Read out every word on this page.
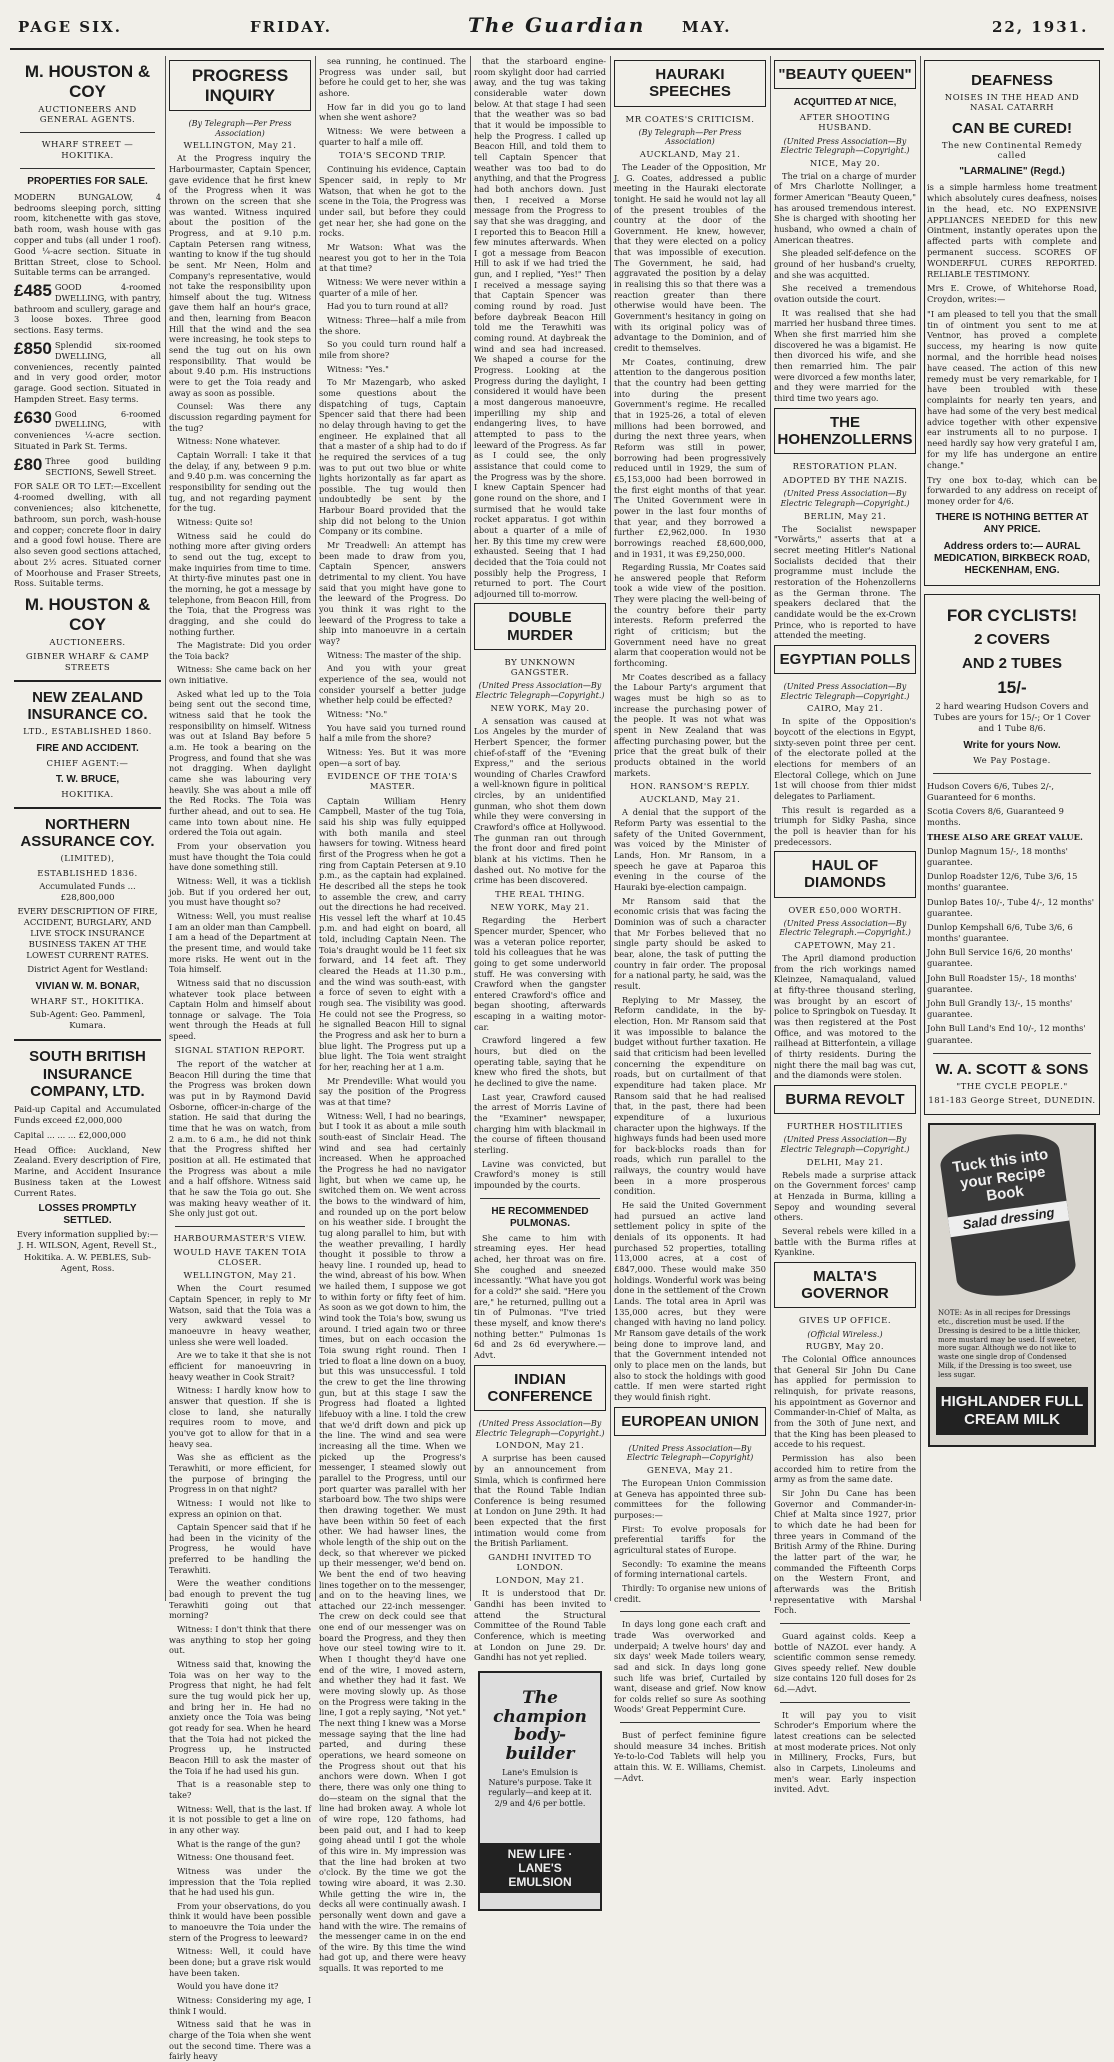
PAGE SIX.	FRIDAY.	The Guardian MAY.	22, 1931.
M. HOUSTON & COY
AUCTIONEERS AND GENERAL AGENTS.
WHARF STREET — HOKITIKA.
PROPERTIES FOR SALE.

MODERN BUNGALOW, 4 bedrooms sleeping porch, sitting room, kitchenette with gas stove, bath room, wash house with gas copper and tubs (all under 1 roof). Good ¼-acre section. Situate in Brittan Street, close to School. Suitable terms can be arranged.

£485 GOOD 4-roomed DWELLING, with pantry, bathroom and scullery, garage and 3 loose boxes. Three good sections. Easy terms.

£850 Splendid six-roomed DWELLING, all conveniences, recently painted and in very good order, motor garage. Good section. Situated in Hampden Street. Easy terms.

£630 Good 6-roomed DWELLING, with conveniences ¼-acre section. Situated in Park St. Terms.

£80 Three good building SECTIONS, Sewell Street.

FOR SALE OR TO LET:—Excellent 4-roomed dwelling, with all conveniences; also kitchenette, bathroom, sun porch, wash-house and copper; concrete floor in dairy and a good fowl house. There are also seven good sections attached, about 2½ acres. Situated corner of Moorhouse and Fraser Streets, Ross. Suitable terms.

M. HOUSTON & COY
AUCTIONEERS.
GIBNER WHARF & CAMP STREETS
NEW ZEALAND INSURANCE CO.
LTD., ESTABLISHED 1860.
FIRE AND ACCIDENT.
CHIEF AGENT:—
T. W. BRUCE,
HOKITIKA.
NORTHERN ASSURANCE COY.
(LIMITED),
ESTABLISHED 1836.

Accumulated Funds ... £28,800,000

EVERY DESCRIPTION OF FIRE, ACCIDENT, BURGLARY, AND LIVE STOCK INSURANCE BUSINESS TAKEN AT THE LOWEST CURRENT RATES.

District Agent for Westland:

VIVIAN W. M. BONAR,
WHARF ST., HOKITIKA.

Sub-Agent: Geo. Pammenl, Kumara.

SOUTH BRITISH INSURANCE COMPANY, LTD.

Paid-up Capital and Accumulated Funds exceed £2,000,000

Capital ... ... ... £2,000,000

Head Office: Auckland, New Zealand. Every description of Fire, Marine, and Accident Insurance Business taken at the Lowest Current Rates.

LOSSES PROMPTLY SETTLED.

Every information supplied by:— J. H. WILSON, Agent, Revell St., Hokitika. A. W. PEBLES, Sub-Agent, Ross.

PROGRESS INQUIRY
(By Telegraph—Per Press Association)
WELLINGTON, May 21.

At the Progress inquiry the Harbourmaster, Captain Spencer, gave evidence that he first knew of the Progress when it was thrown on the screen that she was wanted. Witness inquired about the position of the Progress, and at 9.10 p.m. Captain Petersen rang witness, wanting to know if the tug should be sent. Mr Neen, Holm and Company's representative, would not take the responsibility upon himself about the tug. Witness gave them half an hour's grace, and then, learning from Beacon Hill that the wind and the sea were increasing, he took steps to send the tug out on his own responsibility. That would be about 9.40 p.m. His instructions were to get the Toia ready and away as soon as possible.

Counsel: Was there any discussion regarding payment for the tug?

Witness: None whatever.

Captain Worrall: I take it that the delay, if any, between 9 p.m. and 9.40 p.m. was concerning the responsibility for sending out the tug, and not regarding payment for the tug.

Witness: Quite so!

Witness said he could do nothing more after giving orders to send out the tug, except to make inquiries from time to time. At thirty-five minutes past one in the morning, he got a message by telephone, from Beacon Hill, from the Toia, that the Progress was dragging, and she could do nothing further.

The Magistrate: Did you order the Toia back?

Witness: She came back on her own initiative.

Asked what led up to the Toia being sent out the second time, witness said that he took the responsibility on himself. Witness was out at Island Bay before 5 a.m. He took a bearing on the Progress, and found that she was not dragging. When daylight came she was labouring very heavily. She was about a mile off the Red Rocks. The Toia was further ahead, and out to sea. He came into town about nine. He ordered the Toia out again.

From your observation you must have thought the Toia could have done something still.

Witness: Well, it was a ticklish job. But if you ordered her out, you must have thought so?

Witness: Well, you must realise I am an older man than Campbell. I am a head of the Department at the present time, and would take more risks. He went out in the Toia himself.

Witness said that no discussion whatever took place between Captain Holm and himself about tonnage or salvage. The Toia went through the Heads at full speed.

SIGNAL STATION REPORT.

The report of the watcher at Beacon Hill during the time that the Progress was broken down was put in by Raymond David Osborne, officer-in-charge of the station. He said that during the time that he was on watch, from 2 a.m. to 6 a.m., he did not think that the Progress shifted her position at all. He estimated that the Progress was about a mile and a half offshore. Witness said that he saw the Toia go out. She was making heavy weather of it. She only just got out.

HARBOURMASTER'S VIEW.
WOULD HAVE TAKEN TOIA CLOSER.
WELLINGTON, May 21.

When the Court resumed Captain Spencer, in reply to Mr Watson, said that the Toia was a very awkward vessel to manoeuvre in heavy weather, unless she were well loaded.

Are we to take it that she is not efficient for manoeuvring in heavy weather in Cook Strait?

Witness: I hardly know how to answer that question. If she is close to land, she naturally requires room to move, and you've got to allow for that in a heavy sea.

Was she as efficient as the Terawhiti, or more efficient, for the purpose of bringing the Progress in on that night?

Witness: I would not like to express an opinion on that.

Captain Spencer said that if he had been in the vicinity of the Progress, he would have preferred to be handling the Terawhiti.

Were the weather conditions bad enough to prevent the tug Terawhiti going out that morning?

Witness: I don't think that there was anything to stop her going out.

Witness said that, knowing the Toia was on her way to the Progress that night, he had felt sure the tug would pick her up, and bring her in. He had no anxiety once the Toia was being got ready for sea. When he heard that the Toia had not picked the Progress up, he instructed Beacon Hill to ask the master of the Toia if he had used his gun.

That is a reasonable step to take?

Witness: Well, that is the last. If it is not possible to get a line on in any other way.

What is the range of the gun?

Witness: One thousand feet.

Witness was under the impression that the Toia replied that he had used his gun.

From your observations, do you think it would have been possible to manoeuvre the Toia under the stern of the Progress to leeward?

Witness: Well, it could have been done; but a grave risk would have been taken.

Would you have done it?

Witness: Considering my age, I think I would.

Witness said that he was in charge of the Toia when she went out the second time. There was a fairly heavy

sea running, he continued. The Progress was under sail, but before he could get to her, she was ashore.

How far in did you go to land when she went ashore?

Witness: We were between a quarter to half a mile off.

TOIA'S SECOND TRIP.

Continuing his evidence, Captain Spencer said, in reply to Mr Watson, that when he got to the scene in the Toia, the Progress was under sail, but before they could get near her, she had gone on the rocks.

Mr Watson: What was the nearest you got to her in the Toia at that time?

Witness: We were never within a quarter of a mile of her.

Had you to turn round at all?

Witness: Three—half a mile from the shore.

So you could turn round half a mile from shore?

Witness: "Yes."

To Mr Mazengarb, who asked some questions about the dispatching of tugs, Captain Spencer said that there had been no delay through having to get the engineer. He explained that all that a master of a ship had to do if he required the services of a tug was to put out two blue or white lights horizontally as far apart as possible. The tug would then undoubtedly be sent by the Harbour Board provided that the ship did not belong to the Union Company or its combine.

Mr Treadwell: An attempt has been made to draw from you, Captain Spencer, answers detrimental to my client. You have said that you might have gone to the leeward of the Progress. Do you think it was right to the leeward of the Progress to take a ship into manoeuvre in a certain way?

Witness: The master of the ship.

And you with your great experience of the sea, would not consider yourself a better judge whether help could be effected?

Witness: "No."

You have said you turned round half a mile from the shore?

Witness: Yes. But it was more open—a sort of bay.

EVIDENCE OF THE TOIA'S MASTER.

Captain William Henry Campbell, Master of the tug Toia, said his ship was fully equipped with both manila and steel hawsers for towing. Witness heard first of the Progress when he got a ring from Captain Petersen at 9.10 p.m., as the captain had explained. He described all the steps he took to assemble the crew, and carry out the directions he had received. His vessel left the wharf at 10.45 p.m. and had eight on board, all told, including Captain Neen. The Toia's draught would be 11 feet six forward, and 14 feet aft. They cleared the Heads at 11.30 p.m., and the wind was south-east, with a force of seven to eight with a rough sea. The visibility was good. He could not see the Progress, so he signalled Beacon Hill to signal the Progress and ask her to burn a blue light. The Progress put up a blue light. The Toia went straight for her, reaching her at 1 a.m.

Mr Prendeville: What would you say the position of the Progress was at that time?

Witness: Well, I had no bearings, but I took it as about a mile south south-east of Sinclair Head. The wind and sea had certainly increased. When he approached the Progress he had no navigator light, but when we came up, he switched them on. We went across the bows to the windward of him, and rounded up on the port below on his weather side. I brought the tug along parallel to him, but with the weather prevailing, I hardly thought it possible to throw a heavy line. I rounded up, head to the wind, abreast of his bow. When we hailed them, I suppose we got to within forty or fifty feet of him. As soon as we got down to him, the wind took the Toia's bow, swung us around. I tried again two or three times, but on each occasion the Toia swung right round. Then I tried to float a line down on a buoy, but this was unsuccessful. I told the crew to get the line throwing gun, but at this stage I saw the Progress had floated a lighted lifebuoy with a line. I told the crew that we'd drift down and pick up the line. The wind and sea were increasing all the time. When we picked up the Progress's messenger, I steamed slowly out parallel to the Progress, until our port quarter was parallel with her starboard bow. The two ships were then drawing together. We must have been within 50 feet of each other. We had hawser lines, the whole length of the ship out on the deck, so that wherever we picked up their messenger, we'd bend on. We bent the end of two heaving lines together on to the messenger, and on to the heaving lines, we attached our 22-inch messenger. The crew on deck could see that one end of our messenger was on board the Progress, and they then hove our steel towing wire to it. When I thought they'd have one end of the wire, I moved astern, and whether they had it fast. We were moving slowly up. As those on the Progress were taking in the line, I got a reply saying, "Not yet." The next thing I knew was a Morse message saying that the line had parted, and during these operations, we heard someone on the Progress shout out that his anchors were down. When I got there, there was only one thing to do—steam on the signal that the line had broken away. A whole lot of wire rope, 120 fathoms, had been paid out, and I had to keep going ahead until I got the whole of this wire in. My impression was that the line had broken at two o'clock. By the time we got the towing wire aboard, it was 2.30. While getting the wire in, the decks all were continually awash. I personally went down and gave a hand with the wire. The remains of the messenger came in on the end of the wire. By this time the wind had got up, and there were heavy squalls. It was reported to me

that the starboard engine-room skylight door had carried away, and the tug was taking considerable water down below. At that stage I had seen that the weather was so bad that it would be impossible to help the Progress. I called up Beacon Hill, and told them to tell Captain Spencer that weather was too bad to do anything, and that the Progress had both anchors down. Just then, I received a Morse message from the Progress to say that she was dragging, and I reported this to Beacon Hill a few minutes afterwards. When I got a message from Beacon Hill to ask if we had tried the gun, and I replied, "Yes!" Then I received a message saying that Captain Spencer was coming round by road. Just before daybreak Beacon Hill told me the Terawhiti was coming round. At daybreak the wind and sea had increased. We shaped a course for the Progress. Looking at the Progress during the daylight, I considered it would have been a most dangerous manoeuvre, imperilling my ship and endangering lives, to have attempted to pass to the leeward of the Progress. As far as I could see, the only assistance that could come to the Progress was by the shore. I knew Captain Spencer had gone round on the shore, and I surmised that he would take rocket apparatus. I got within about a quarter of a mile of her. By this time my crew were exhausted. Seeing that I had decided that the Toia could not possibly help the Progress, I returned to port. The Court adjourned till to-morrow.

DOUBLE MURDER
BY UNKNOWN GANGSTER.
(United Press Association—By Electric Telegraph—Copyright.)
NEW YORK, May 20.

A sensation was caused at Los Angeles by the murder of Herbert Spencer, the former chief-of-staff of the "Evening Express," and the serious wounding of Charles Crawford a well-known figure in political circles, by an unidentified gunman, who shot them down while they were conversing in Crawford's office at Hollywood. The gunman ran out through the front door and fired point blank at his victims. Then he dashed out. No motive for the crime has been discovered.

THE REAL THING.
NEW YORK, May 21.

Regarding the Herbert Spencer murder, Spencer, who was a veteran police reporter, told his colleagues that he was going to get some underworld stuff. He was conversing with Crawford when the gangster entered Crawford's office and began shooting, afterwards escaping in a waiting motor-car.

Crawford lingered a few hours, but died on the operating table, saying that he knew who fired the shots, but he declined to give the name.

Last year, Crawford caused the arrest of Morris Lavine of the "Examiner" newspaper, charging him with blackmail in the course of fifteen thousand sterling.

Lavine was convicted, but Crawford's money is still impounded by the courts.

HE RECOMMENDED PULMONAS.

She came to him with streaming eyes. Her head ached, her throat was on fire. She coughed and sneezed incessantly. "What have you got for a cold?" she said. "Here you are," he returned, pulling out a tin of Pulmonas. "I've tried these myself, and know there's nothing better." Pulmonas 1s 6d and 2s 6d everywhere.—Advt.

INDIAN CONFERENCE
(United Press Association—By Electric Telegraph—Copyright.)
LONDON, May 21.

A surprise has been caused by an announcement from Simla, which is confirmed here that the Round Table Indian Conference is being resumed at London on June 29th. It had been expected that the first intimation would come from the British Parliament.

GANDHI INVITED TO LONDON.
LONDON, May 21.

It is understood that Dr. Gandhi has been invited to attend the Structural Committee of the Round Table Conference, which is meeting at London on June 29. Dr. Gandhi has not yet replied.

The champion body-builder
Lane's Emulsion is Nature's purpose. Take it regularly—and keep at it. 2/9 and 4/6 per bottle.
NEW LIFE · LANE'S EMULSION
HAURAKI SPEECHES
MR COATES'S CRITICISM.
(By Telegraph—Per Press Association)
AUCKLAND, May 21.

The Leader of the Opposition, Mr J. G. Coates, addressed a public meeting in the Hauraki electorate tonight. He said he would not lay all of the present troubles of the country at the door of the Government. He knew, however, that they were elected on a policy that was impossible of execution. The Government, he said, had aggravated the position by a delay in realising this so that there was a reaction greater than there otherwise would have been. The Government's hesitancy in going on with its original policy was of advantage to the Dominion, and of credit to themselves.

Mr Coates, continuing, drew attention to the dangerous position that the country had been getting into during the present Government's regime. He recalled that in 1925-26, a total of eleven millions had been borrowed, and during the next three years, when Reform was still in power, borrowing had been progressively reduced until in 1929, the sum of £5,153,000 had been borrowed in the first eight months of that year. The United Government were in power in the last four months of that year, and they borrowed a further £2,962,000. In 1930 borrowings reached £8,600,000, and in 1931, it was £9,250,000.

Regarding Russia, Mr Coates said he answered people that Reform took a wide view of the position. They were placing the well-being of the country before their party interests. Reform preferred the right of criticism; but the Government need have no great alarm that cooperation would not be forthcoming.

Mr Coates described as a fallacy the Labour Party's argument that wages must be high so as to increase the purchasing power of the people. It was not what was spent in New Zealand that was affecting purchasing power, but the price that the great bulk of their products obtained in the world markets.

HON. RANSOM'S REPLY.
AUCKLAND, May 21.

A denial that the support of the Reform Party was essential to the safety of the United Government, was voiced by the Minister of Lands, Hon. Mr Ransom, in a speech he gave at Paparoa this evening in the course of the Hauraki bye-election campaign.

Mr Ransom said that the economic crisis that was facing the Dominion was of such a character that Mr Forbes believed that no single party should be asked to bear, alone, the task of putting the country in fair order. The proposal for a national party, he said, was the result.

Replying to Mr Massey, the Reform candidate, in the by-election, Hon. Mr Ransom said that it was impossible to balance the budget without further taxation. He said that criticism had been levelled concerning the expenditure on roads, but on curtailment of that expenditure had taken place. Mr Ransom said that he had realised that, in the past, there had been expenditure of a luxurious character upon the highways. If the highways funds had been used more for back-blocks roads than for roads, which run parallel to the railways, the country would have been in a more prosperous condition.

He said the United Government had pursued an active land settlement policy in spite of the denials of its opponents. It had purchased 52 properties, totalling 113,000 acres, at a cost of £847,000. These would make 350 holdings. Wonderful work was being done in the settlement of the Crown Lands. The total area in April was 135,000 acres, but they were changed with having no land policy. Mr Ransom gave details of the work being done to improve land, and that the Government intended not only to place men on the lands, but also to stock the holdings with good cattle. If men were started right they would finish right.

EUROPEAN UNION
(United Press Association—By Electric Telegraph—Copyright)
GENEVA, May 21.

The European Union Commission at Geneva has appointed three sub-committees for the following purposes:—

First: To evolve proposals for preferential tariffs for the agricultural states of Europe.

Secondly: To examine the means of forming international cartels.

Thirdly: To organise new unions of credit.

In days long gone each craft and trade Was overworked and underpaid; A twelve hours' day and six days' week Made toilers weary, sad and sick. In days long gone such life was brief, Curtailed by want, disease and grief. Now know for colds relief so sure As soothing Woods' Great Peppermint Cure.

Bust of perfect feminine figure should measure 34 inches. British Ye-to-lo-Cod Tablets will help you attain this. W. E. Williams, Chemist.—Advt.

"BEAUTY QUEEN"
ACQUITTED AT NICE,
AFTER SHOOTING HUSBAND.
(United Press Association—By Electric Telegraph—Copyright.)
NICE, May 20.

The trial on a charge of murder of Mrs Charlotte Nollinger, a former American "Beauty Queen," has aroused tremendous interest. She is charged with shooting her husband, who owned a chain of American theatres.

She pleaded self-defence on the ground of her husband's cruelty, and she was acquitted.

She received a tremendous ovation outside the court.

It was realised that she had married her husband three times. When she first married him she discovered he was a bigamist. He then divorced his wife, and she then remarried him. The pair were divorced a few months later, and they were married for the third time two years ago.

THE HOHENZOLLERNS
RESTORATION PLAN.
ADOPTED BY THE NAZIS.
(United Press Association—By Electric Telegraph—Copyright.)
BERLIN, May 21.

The Socialist newspaper "Vorwärts," asserts that at a secret meeting Hitler's National Socialists decided that their programme must include the restoration of the Hohenzollerns as the German throne. The speakers declared that the candidate would be the ex-Crown Prince, who is reported to have attended the meeting.

EGYPTIAN POLLS
(United Press Association—By Electric Telegraph—Copyright.)
CAIRO, May 21.

In spite of the Opposition's boycott of the elections in Egypt, sixty-seven point three per cent. of the electorate polled at the elections for members of an Electoral College, which on June 1st will choose from thier midst delegates to Parliament.

This result is regarded as a triumph for Sidky Pasha, since the poll is heavier than for his predecessors.

HAUL OF DIAMONDS
OVER £50,000 WORTH.
(United Press Association—By Electric Telegraph.—Copyright.)
CAPETOWN, May 21.

The April diamond production from the rich workings named Kleinzee, Namaqualand, valued at fifty-three thousand sterling, was brought by an escort of police to Springbok on Tuesday. It was then registered at the Post Office, and was motored to the railhead at Bitterfontein, a village of thirty residents. During the night there the mail bag was cut, and the diamonds were stolen.

BURMA REVOLT
FURTHER HOSTILITIES
(United Press Association—By Electric Telegraph—Copyright.)
DELHI, May 21.

Rebels made a surprise attack on the Government forces' camp at Henzada in Burma, killing a Sepoy and wounding several others.

Several rebels were killed in a battle with the Burma rifles at Kyankine.

MALTA'S GOVERNOR
GIVES UP OFFICE.
(Official Wireless.)
RUGBY, May 20.

The Colonial Office announces that General Sir John Du Cane has applied for permission to relinquish, for private reasons, his appointment as Governor and Commander-in-Chief of Malta, as from the 30th of June next, and that the King has been pleased to accede to his request.

Permission has also been accorded him to retire from the army as from the same date.

Sir John Du Cane has been Governor and Commander-in-Chief at Malta since 1927, prior to which date he had been for three years in Command of the British Army of the Rhine. During the latter part of the war, he commanded the Fifteenth Corps on the Western Front, and afterwards was the British representative with Marshal Foch.

Guard against colds. Keep a bottle of NAZOL ever handy. A scientific common sense remedy. Gives speedy relief. New double size contains 120 full doses for 2s 6d.—Advt.

It will pay you to visit Schroder's Emporium where the latest creations can be selected at most moderate prices. Not only in Millinery, Frocks, Furs, but also in Carpets, Linoleums and men's wear. Early inspection invited. Advt.

DEAFNESS
NOISES IN THE HEAD AND NASAL CATARRH
CAN BE CURED!
The new Continental Remedy called
"LARMALINE" (Regd.)

is a simple harmless home treatment which absolutely cures deafness, noises in the head, etc. NO EXPENSIVE APPLIANCES NEEDED for this new Ointment, instantly operates upon the affected parts with complete and permanent success. SCORES OF WONDERFUL CURES REPORTED. RELIABLE TESTIMONY.

Mrs E. Crowe, of Whitehorse Road, Croydon, writes:—

"I am pleased to tell you that the small tin of ointment you sent to me at Ventnor, has proved a complete success, my hearing is now quite normal, and the horrible head noises have ceased. The action of this new remedy must be very remarkable, for I have been troubled with these complaints for nearly ten years, and have had some of the very best medical advice together with other expensive ear instruments all to no purpose. I need hardly say how very grateful I am, for my life has undergone an entire change."

Try one box to-day, which can be forwarded to any address on receipt of money order for 4/6.

THERE IS NOTHING BETTER AT ANY PRICE.
Address orders to:— AURAL MEDICATION, BIRKBECK ROAD, HECKENHAM, ENG.
FOR CYCLISTS!
2 COVERS
AND 2 TUBES
15/-

2 hard wearing Hudson Covers and Tubes are yours for 15/-; Or 1 Cover and 1 Tube 8/6.

Write for yours Now.
We Pay Postage.
Hudson Covers 6/6, Tubes 2/-, Guaranteed for 6 months.
Scotia Covers 8/6, Guaranteed 9 months.
THESE ALSO ARE GREAT VALUE.
Dunlop Magnum 15/-, 18 months' guarantee.
Dunlop Roadster 12/6, Tube 3/6, 15 months' guarantee.
Dunlop Bates 10/-, Tube 4/-, 12 months' guarantee.
Dunlop Kempshall 6/6, Tube 3/6, 6 months' guarantee.
John Bull Service 16/6, 20 months' guarantee.
John Bull Roadster 15/-, 18 months' guarantee.
John Bull Grandly 13/-, 15 months' guarantee.
John Bull Land's End 10/-, 12 months' guarantee.
W. A. SCOTT & SONS
"THE CYCLE PEOPLE."
181-183 George Street, DUNEDIN.
Tuck this into your Recipe Book
Salad dressing
NOTE: As in all recipes for Dressings etc., discretion must be used. If the Dressing is desired to be a little thicker, more mustard may be used. If sweeter, more sugar. Although we do not like to waste one single drop of Condensed Milk, if the Dressing is too sweet, use less sugar.
HIGHLANDER FULL CREAM MILK
